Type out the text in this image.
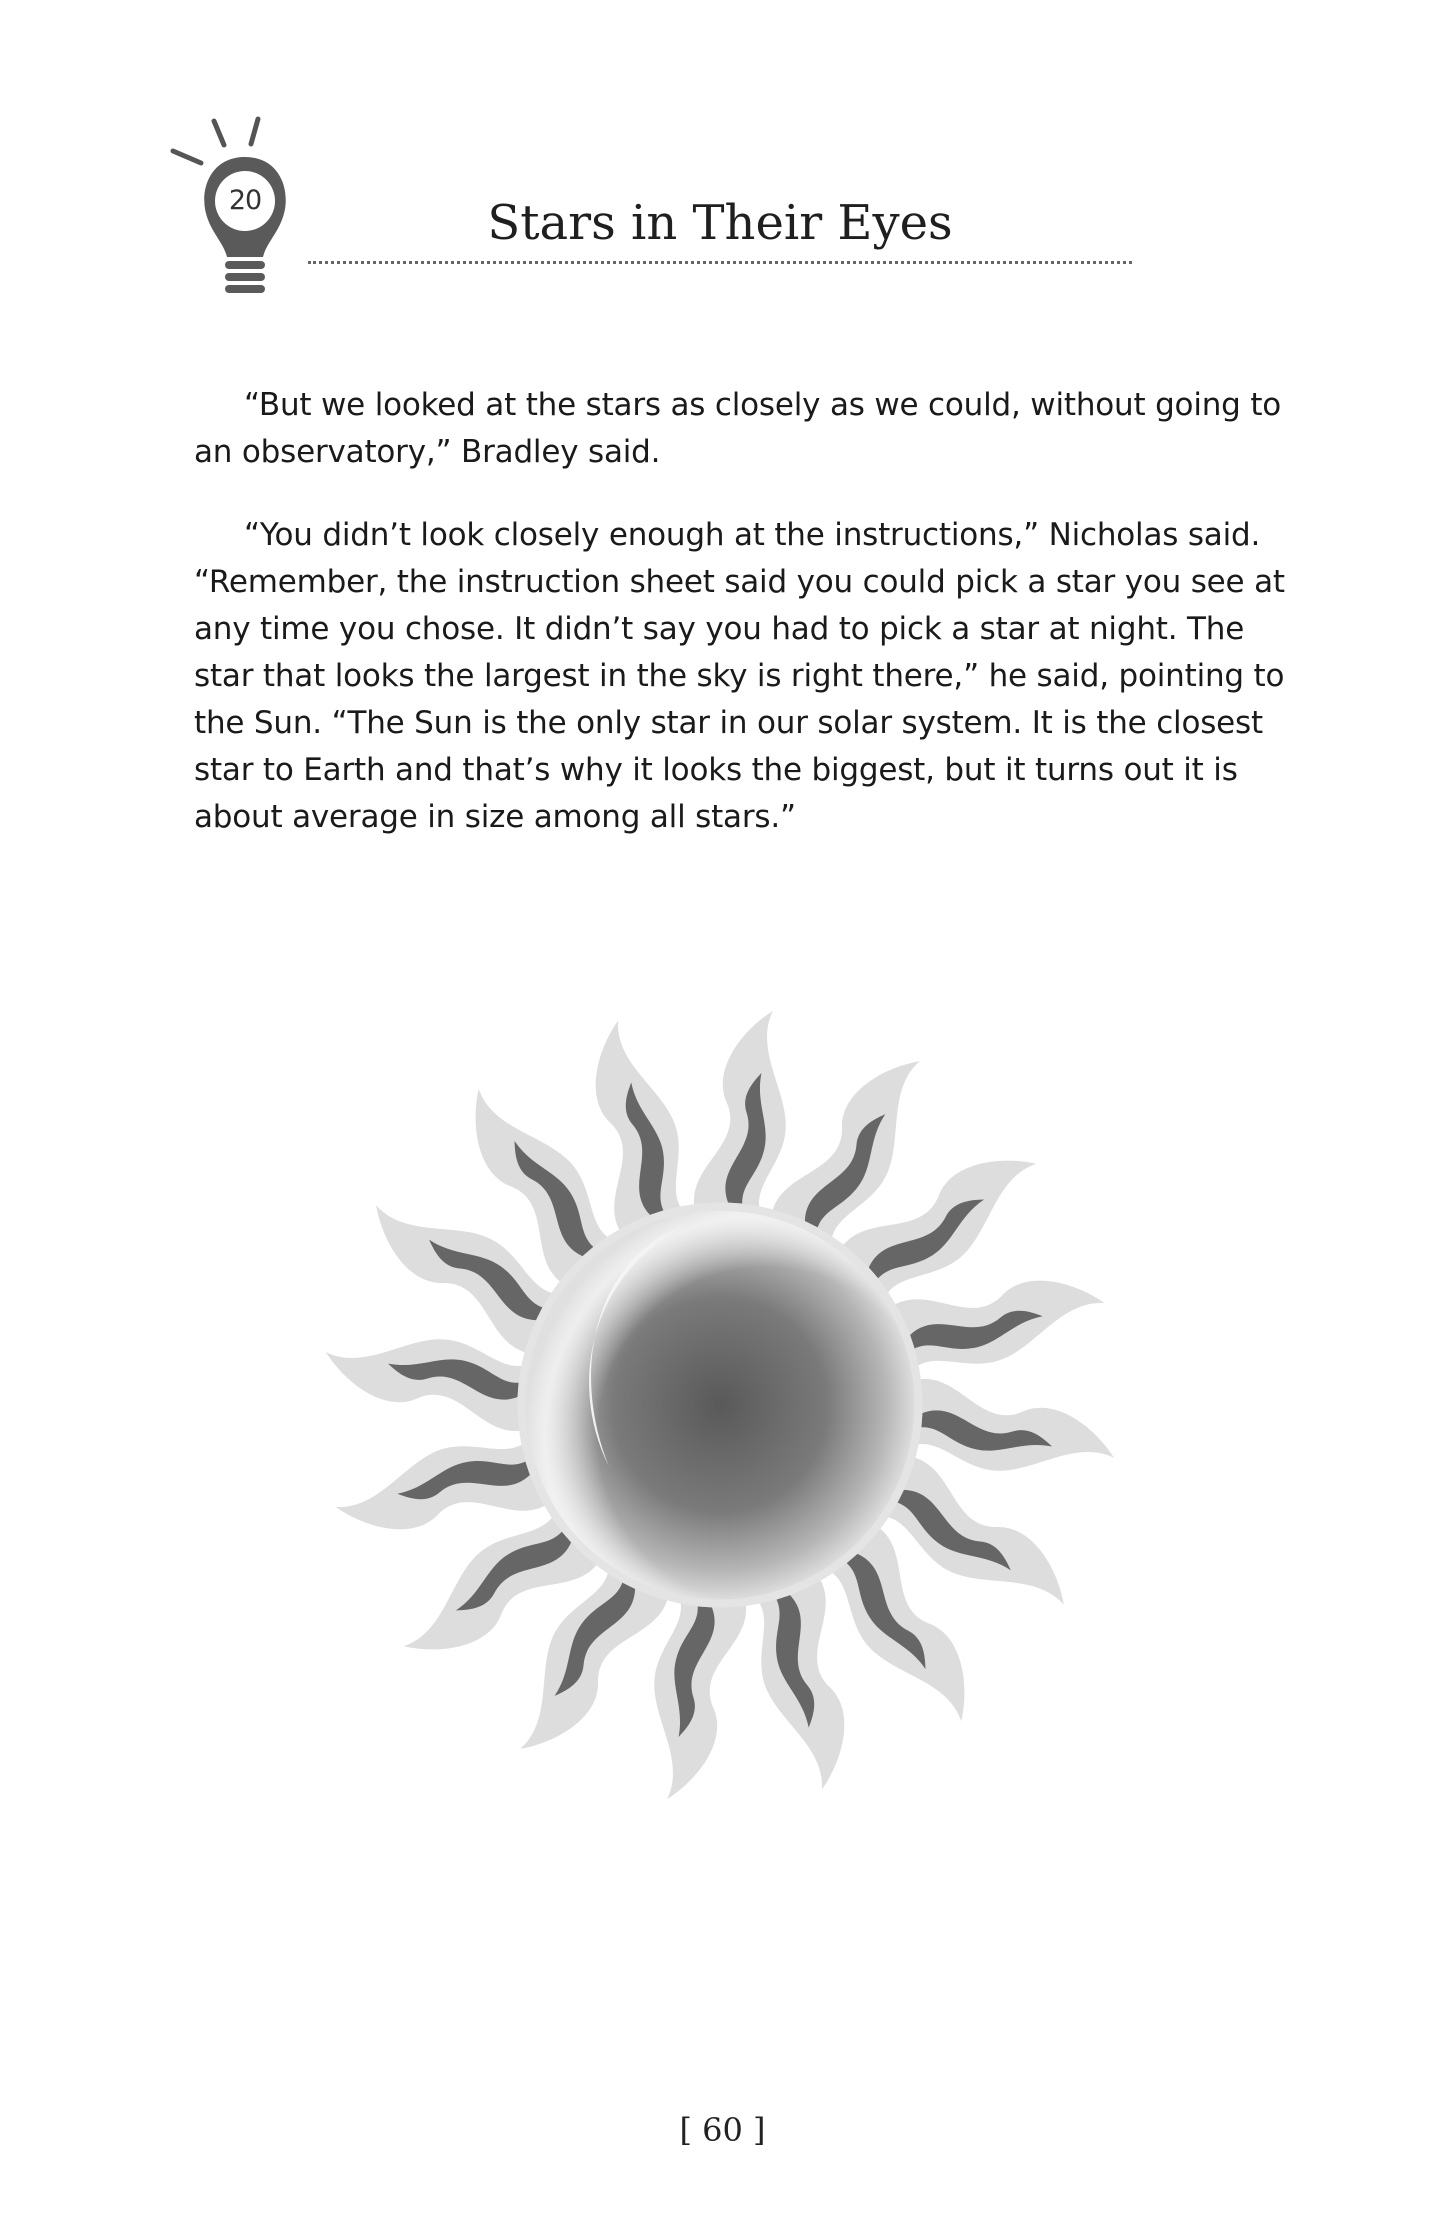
20	Stars in Their Eyes

“But we looked at the stars as closely as we could, without going to an observatory,” Bradley said.

“You didn’t look closely enough at the instructions,” Nicholas said. “Remember, the instruction sheet said you could pick a star you see at any time you chose. It didn’t say you had to pick a star at night. The star that looks the largest in the sky is right there,” he said, pointing to the Sun. “The Sun is the only star in our solar system. It is the closest star to Earth and that’s why it looks the biggest, but it turns out it is about average in size among all stars.”

[ 60 ]
